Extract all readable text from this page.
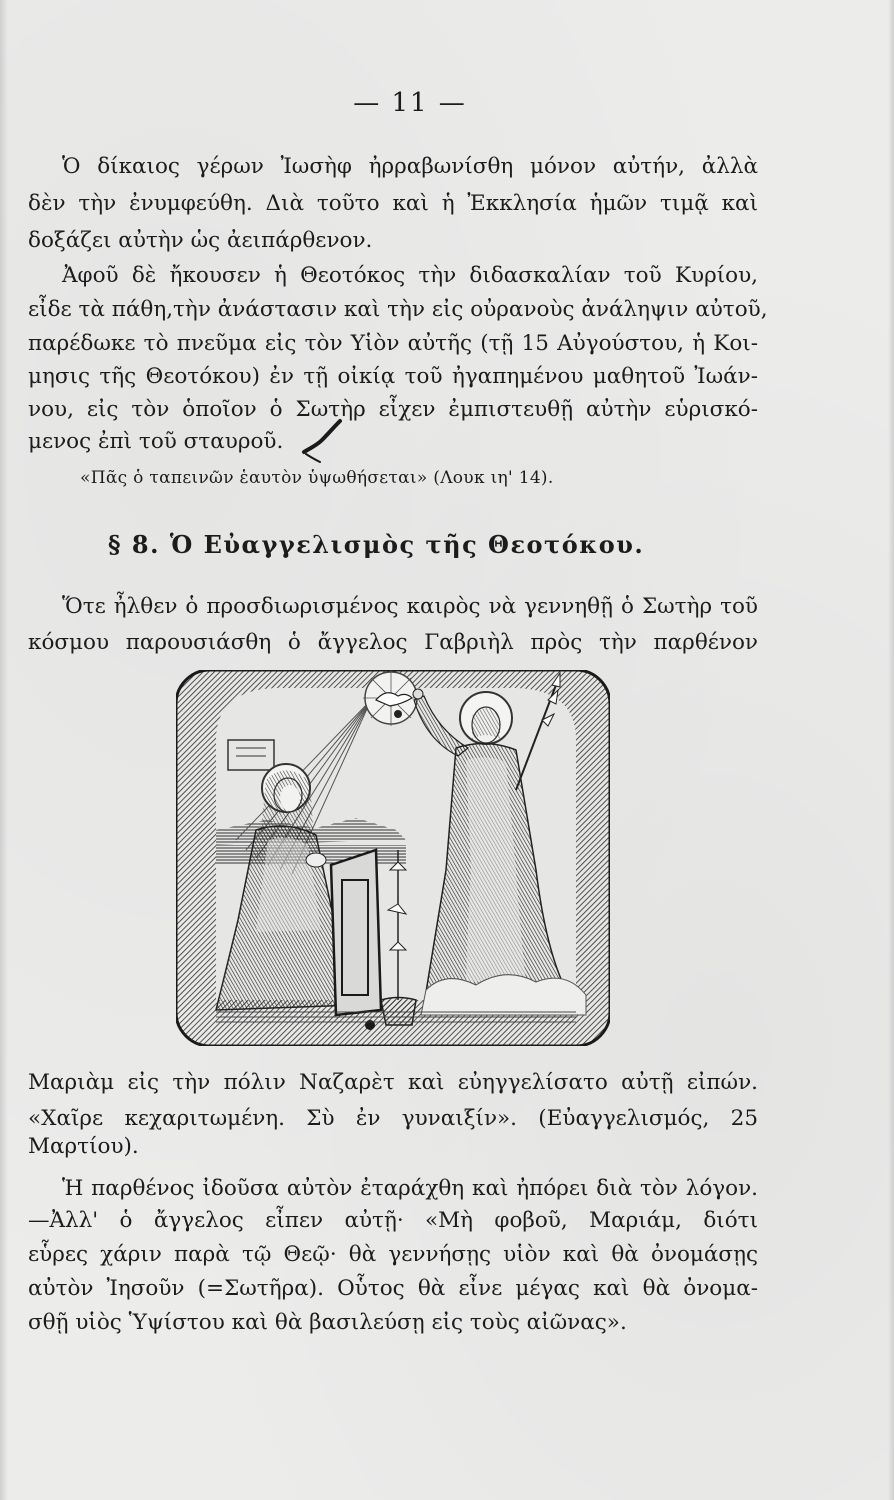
— 11 —
Ὁ δίκαιος γέρων Ἰωσὴφ ἠρραβωνίσθη μόνον αὐτήν, ἀλλὰ
δὲν τὴν ἐνυμφεύθη. Διὰ τοῦτο καὶ ἡ Ἐκκλησία ἡμῶν τιμᾷ καὶ
δοξάζει αὐτὴν ὡς ἀειπάρθενον.
Ἀφοῦ δὲ ἤκουσεν ἡ Θεοτόκος τὴν διδασκαλίαν τοῦ Κυρίου,
εἶδε τὰ πάθη,τὴν ἀνάστασιν καὶ τὴν εἰς οὐρανοὺς ἀνάληψιν αὐτοῦ,
παρέδωκε τὸ πνεῦμα εἰς τὸν Υἱὸν αὐτῆς (τῇ 15 Αὐγούστου, ἡ Κοι-
μησις τῆς Θεοτόκου) ἐν τῇ οἰκίᾳ τοῦ ἠγαπημένου μαθητοῦ Ἰωάν-
νου, εἰς τὸν ὁποῖον ὁ Σωτὴρ εἶχεν ἐμπιστευθῇ αὐτὴν εὑρισκό-
μενος ἐπὶ τοῦ σταυροῦ.
«Πᾶς ὁ ταπεινῶν ἑαυτὸν ὑψωθήσεται» (Λουκ ιη' 14).
§ 8. Ὁ Εὐαγγελισμὸς τῆς Θεοτόκου.
Ὅτε ἦλθεν ὁ προσδιωρισμένος καιρὸς νὰ γεννηθῇ ὁ Σωτὴρ τοῦ
κόσμου παρουσιάσθη ὁ ἄγγελος Γαβριὴλ πρὸς τὴν παρθένον
Μαριὰμ εἰς τὴν πόλιν Ναζαρὲτ καὶ εὐηγγελίσατο αὐτῇ εἰπών.
«Χαῖρε κεχαριτωμένη. Σὺ ἐν γυναιξίν». (Εὐαγγελισμός, 25
Μαρτίου).
Ἡ παρθένος ἰδοῦσα αὐτὸν ἐταράχθη καὶ ἠπόρει διὰ τὸν λόγον.
—Ἀλλ' ὁ ἄγγελος εἶπεν αὐτῇ· «Μὴ φοβοῦ, Μαριάμ, διότι
εὗρες χάριν παρὰ τῷ Θεῷ· θὰ γεννήσῃς υἱὸν καὶ θὰ ὀνομάσῃς
αὐτὸν Ἰησοῦν (=Σωτῆρα). Οὗτος θὰ εἶνε μέγας καὶ θὰ ὀνομα-
σθῇ υἱὸς Ὑψίστου καὶ θὰ βασιλεύσῃ εἰς τοὺς αἰῶνας».
